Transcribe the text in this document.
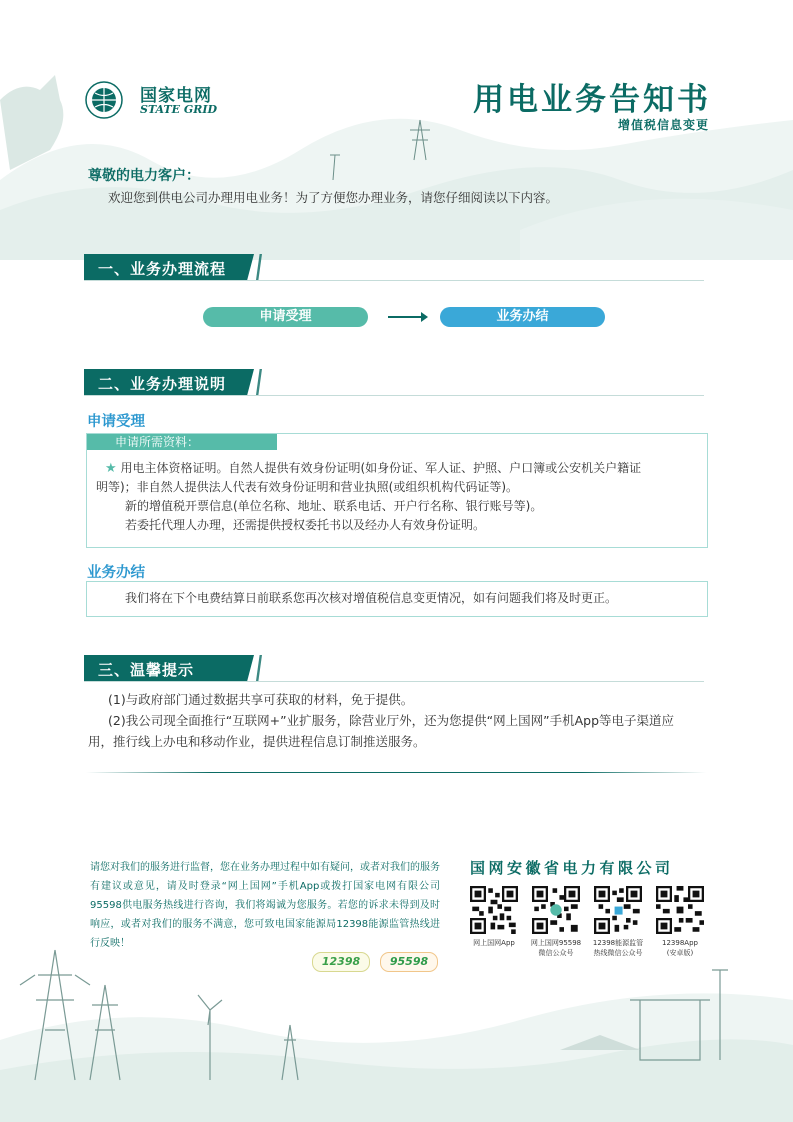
国家电网
STATE GRID	用电业务告知书
增值税信息变更
尊敬的电力客户：
欢迎您到供电公司办理用电业务！为了方便您办理业务，请您仔细阅读以下内容。
一、业务办理流程
申请受理	业务办结
二、业务办理说明
申请受理
申请所需资料：
★ 用电主体资格证明。自然人提供有效身份证明(如身份证、军人证、护照、户口簿或公安机关户籍证
明等)；非自然人提供法人代表有效身份证明和营业执照(或组织机构代码证等)。
新的增值税开票信息(单位名称、地址、联系电话、开户行名称、银行账号等)。
若委托代理人办理，还需提供授权委托书以及经办人有效身份证明。
业务办结
我们将在下个电费结算日前联系您再次核对增值税信息变更情况，如有问题我们将及时更正。
三、温馨提示
(1)与政府部门通过数据共享可获取的材料，免于提供。
(2)我公司现全面推行“互联网+”业扩服务，除营业厅外，还为您提供“网上国网”手机App等电子渠道应
用，推行线上办电和移动作业，提供进程信息订制推送服务。
请您对我们的服务进行监督，您在业务办理过程中如有疑问，或者对我们的服务有建议或意见，请及时登录“网上国网”手机App或拨打国家电网有限公司95598供电服务热线进行咨询，我们将竭诚为您服务。若您的诉求未得到及时响应，或者对我们的服务不满意，您可致电国家能源局12398能源监管热线进行反映！
12398	95598
国网安徽省电力有限公司
网上国网App	网上国网95598
微信公众号
12398能源监管
热线微信公众号
12398App
(安卓版)
